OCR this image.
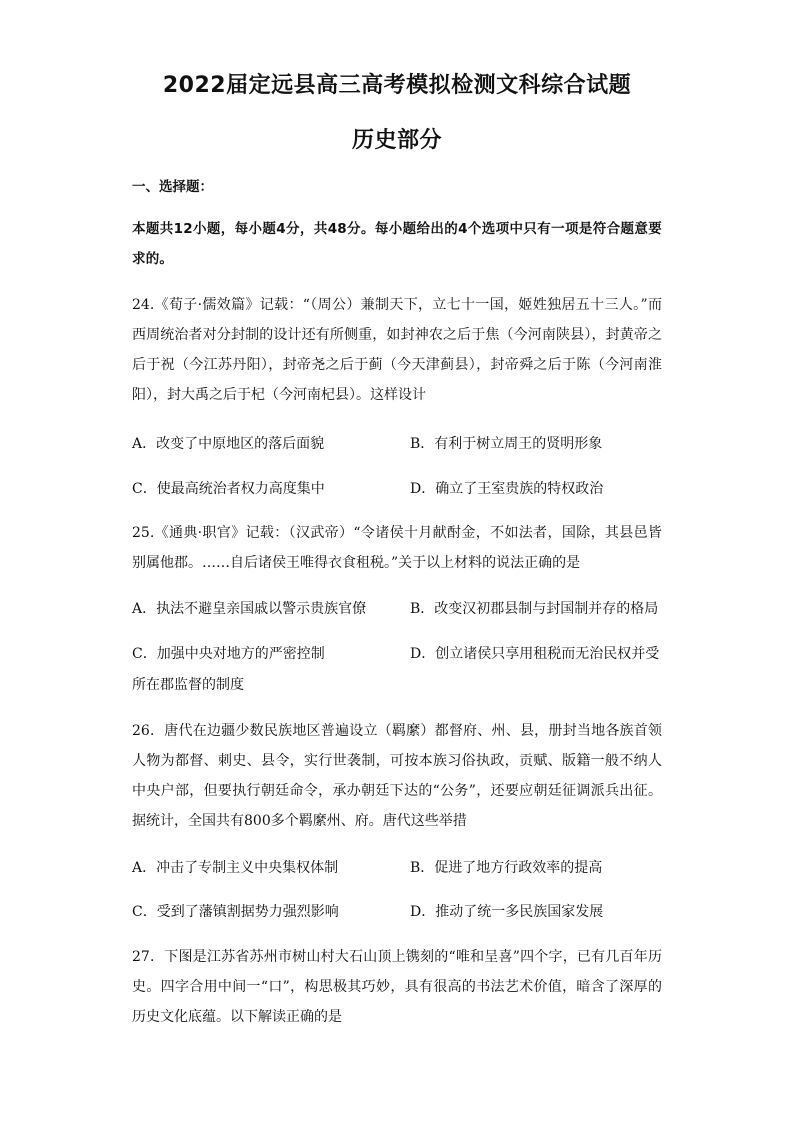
2022届定远县高三高考模拟检测文科综合试题
历史部分
一、选择题：
本题共12小题，每小题4分，共48分。每小题给出的4个选项中只有一项是符合题意要求的。
24.《荀子·儒效篇》记载：“（周公）兼制天下，立七十一国，姬姓独居五十三人。”而西周统治者对分封制的设计还有所侧重，如封神农之后于焦（今河南陕县），封黄帝之后于祝（今江苏丹阳），封帝尧之后于蓟（今天津蓟县），封帝舜之后于陈（今河南淮阳），封大禹之后于杞（今河南杞县）。这样设计
A．改变了中原地区的落后面貌	B．有利于树立周王的贤明形象
C．使最高统治者权力高度集中	D．确立了王室贵族的特权政治
25.《通典·职官》记载：（汉武帝）“令诸侯十月献酎金，不如法者，国除，其县邑皆别属他郡。……自后诸侯王唯得衣食租税。”关于以上材料的说法正确的是
A．执法不避皇亲国戚以警示贵族官僚	B．改变汉初郡县制与封国制并存的格局
C．加强中央对地方的严密控制	D．创立诸侯只享用租税而无治民权并受
所在郡监督的制度
26．唐代在边疆少数民族地区普遍设立（羁縻）都督府、州、县，册封当地各族首领人物为都督、刺史、县令，实行世袭制，可按本族习俗执政，贡赋、版籍一般不纳人中央户部，但要执行朝廷命令，承办朝廷下达的“公务”，还要应朝廷征调派兵出征。据统计，全国共有800多个羁縻州、府。唐代这些举措
A．冲击了专制主义中央集权体制	B．促进了地方行政效率的提高
C．受到了藩镇割据势力强烈影响	D．推动了统一多民族国家发展
27．下图是江苏省苏州市树山村大石山顶上镌刻的“唯和呈喜”四个字，已有几百年历史。四字合用中间一“口”，构思极其巧妙，具有很高的书法艺术价值，暗含了深厚的历史文化底蕴。以下解读正确的是
